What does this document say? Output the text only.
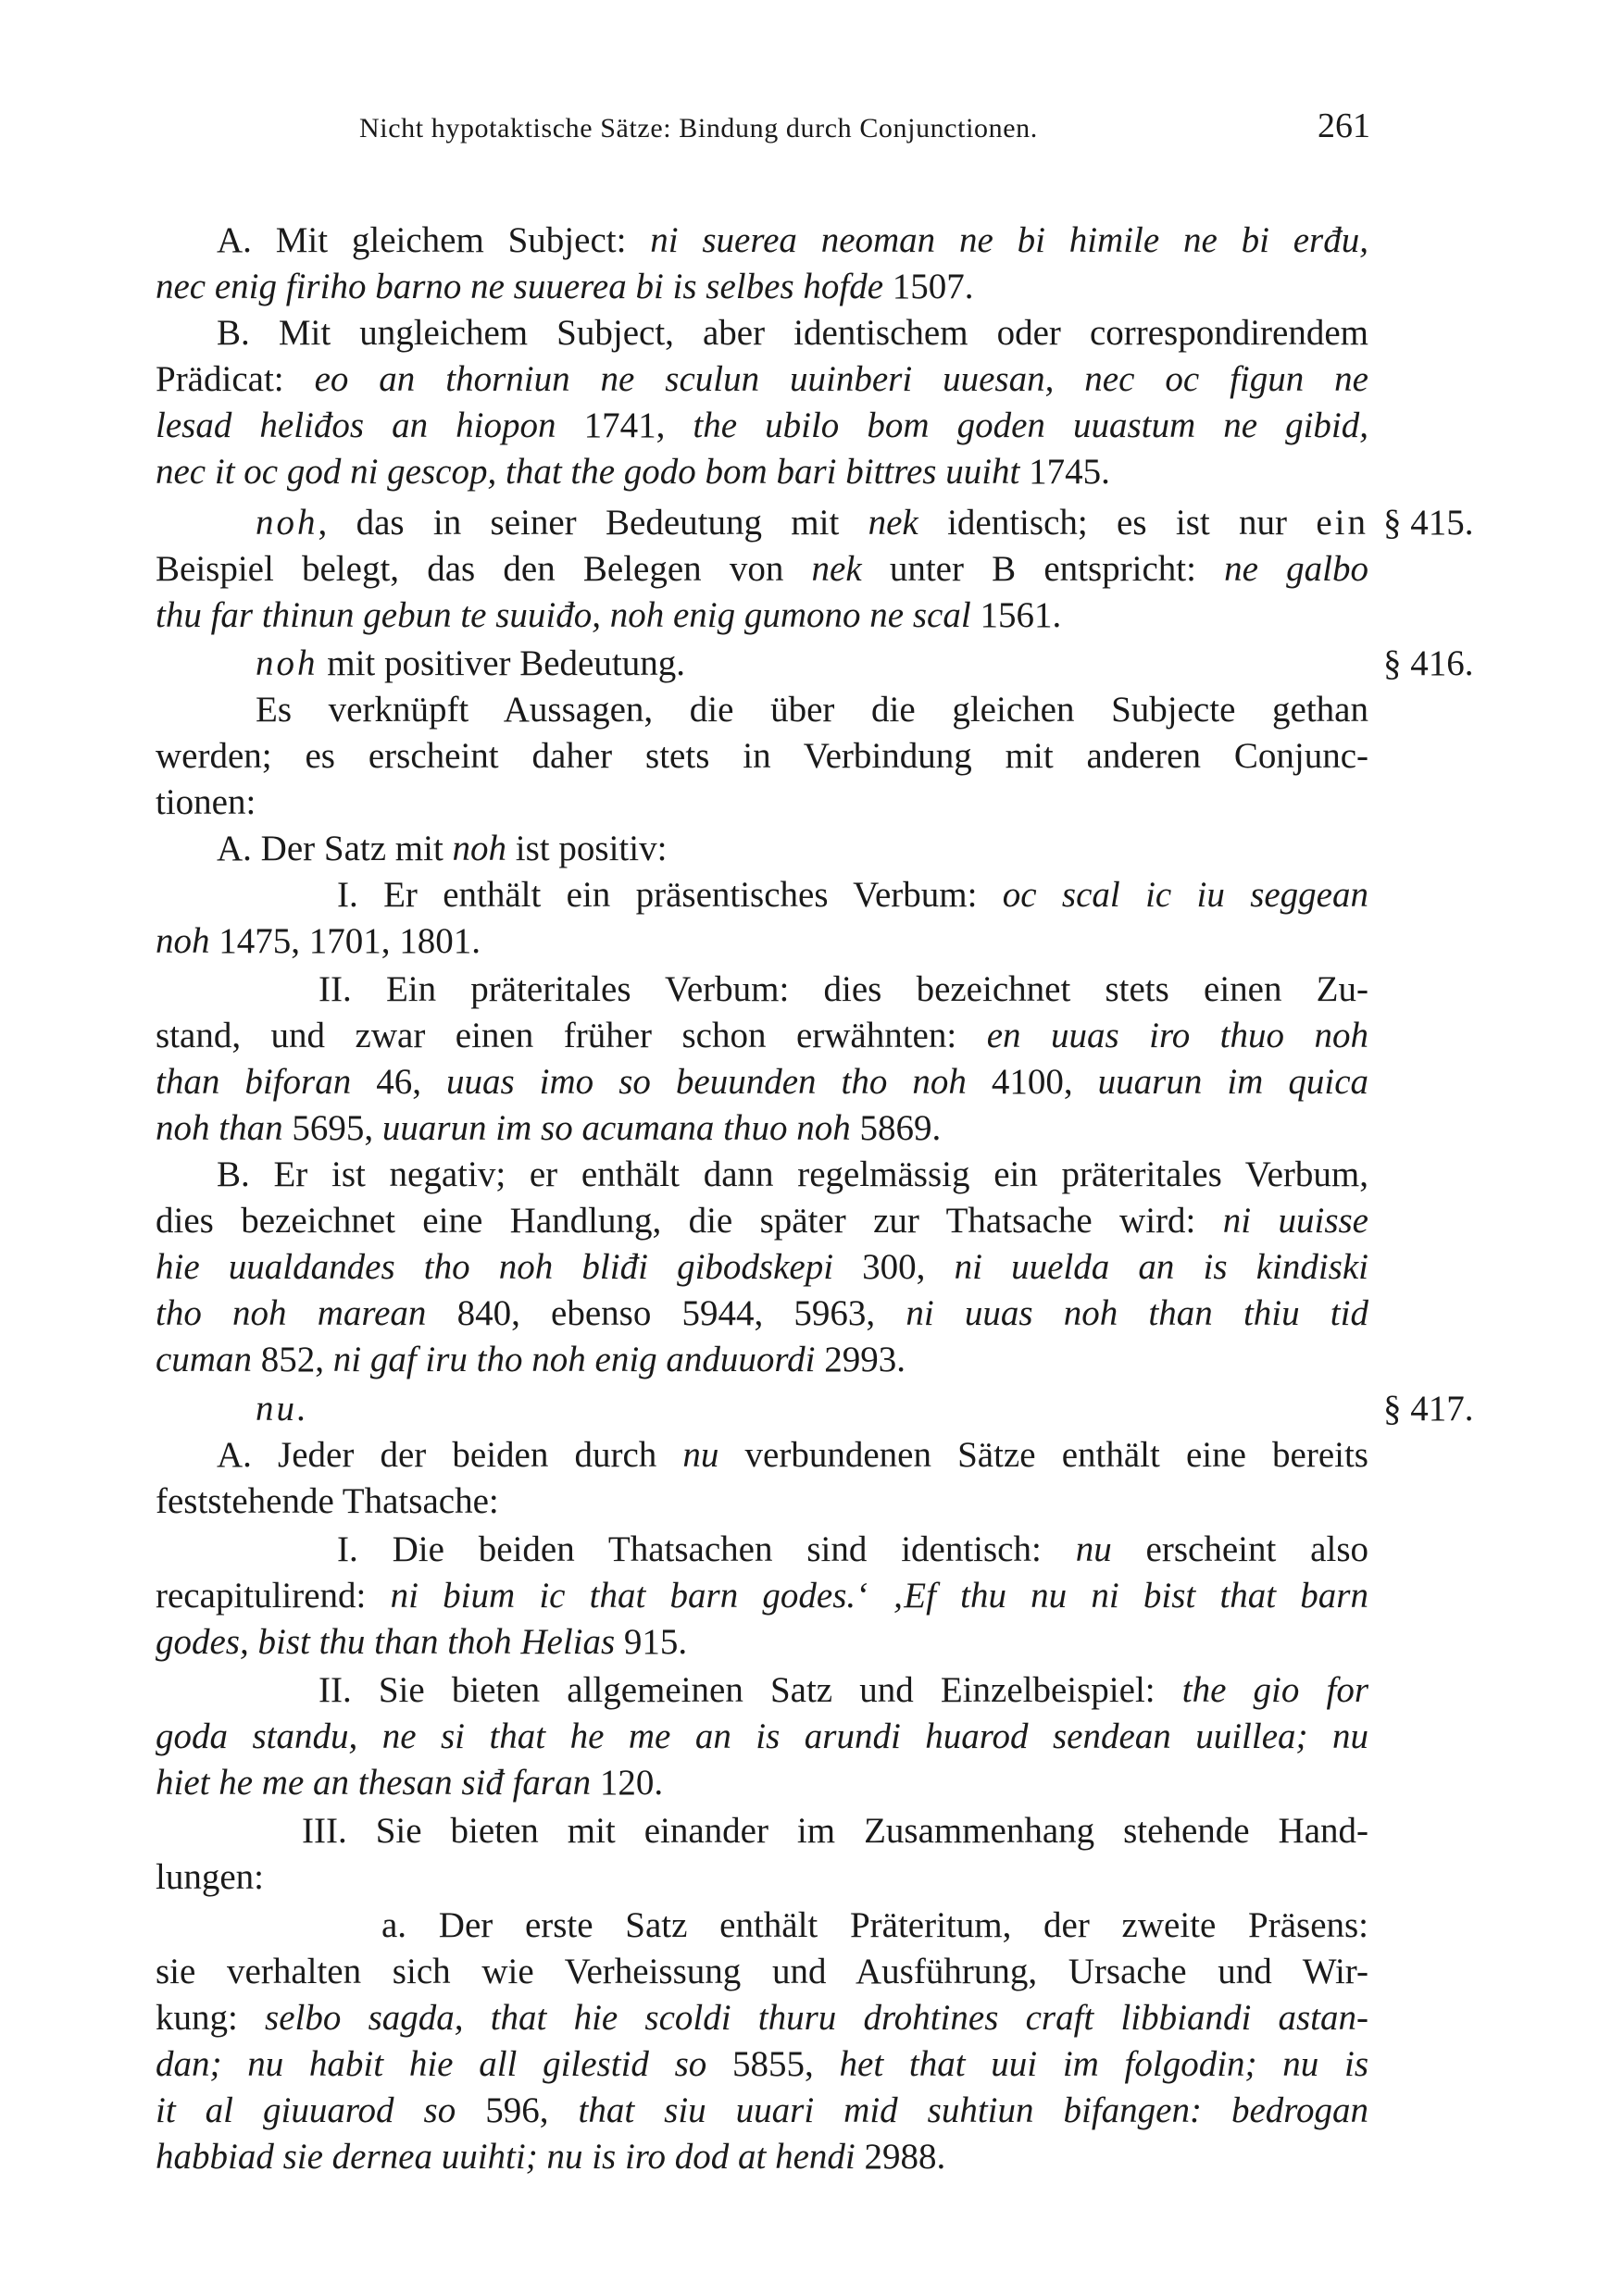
Nicht hypotaktische Sätze: Bindung durch Conjunctionen.	261
A. Mit gleichem Subject: ni suerea neoman ne bi himile ne bi erđu,
nec enig firiho barno ne suuerea bi is selbes hofde 1507.
B. Mit ungleichem Subject, aber identischem oder correspondirendem
Prädicat: eo an thorniun ne sculun uuinberi uuesan, nec oc figun ne
lesad heliđos an hiopon 1741, the ubilo bom goden uuastum ne gibid,
nec it oc god ni gescop, that the godo bom bari bittres uuiht 1745.
noh, das in seiner Bedeutung mit nek identisch; es ist nur ein
Beispiel belegt, das den Belegen von nek unter B entspricht: ne galbo
thu far thinun gebun te suuiđo, noh enig gumono ne scal 1561.
noh mit positiver Bedeutung.
Es verknüpft Aussagen, die über die gleichen Subjecte gethan
werden; es erscheint daher stets in Verbindung mit anderen Conjunc-
tionen:
A. Der Satz mit noh ist positiv:
I. Er enthält ein präsentisches Verbum: oc scal ic iu seggean
noh 1475, 1701, 1801.
II. Ein präteritales Verbum: dies bezeichnet stets einen Zu-
stand, und zwar einen früher schon erwähnten: en uuas iro thuo noh
than biforan 46, uuas imo so beuunden tho noh 4100, uuarun im quica
noh than 5695, uuarun im so acumana thuo noh 5869.
B. Er ist negativ; er enthält dann regelmässig ein präteritales Verbum,
dies bezeichnet eine Handlung, die später zur Thatsache wird: ni uuisse
hie uualdandes tho noh bliđi gibodskepi 300, ni uuelda an is kindiski
tho noh marean 840, ebenso 5944, 5963, ni uuas noh than thiu tid
cuman 852, ni gaf iru tho noh enig anduuordi 2993.
nu.
A. Jeder der beiden durch nu verbundenen Sätze enthält eine bereits
feststehende Thatsache:
I. Die beiden Thatsachen sind identisch: nu erscheint also
recapitulirend: ni bium ic that barn godes.‘ ‚Ef thu nu ni bist that barn
godes, bist thu than thoh Helias 915.
II. Sie bieten allgemeinen Satz und Einzelbeispiel: the gio for
goda standu, ne si that he me an is arundi huarod sendean uuillea; nu
hiet he me an thesan siđ faran 120.
III. Sie bieten mit einander im Zusammenhang stehende Hand-
lungen:
a. Der erste Satz enthält Präteritum, der zweite Präsens:
sie verhalten sich wie Verheissung und Ausführung, Ursache und Wir-
kung: selbo sagda, that hie scoldi thuru drohtines craft libbiandi astan-
dan; nu habit hie all gilestid so 5855, het that uui im folgodin; nu is
it al giuuarod so 596, that siu uuari mid suhtiun bifangen: bedrogan
habbiad sie dernea uuihti; nu is iro dod at hendi 2988.
§ 415.
§ 416.
§ 417.
